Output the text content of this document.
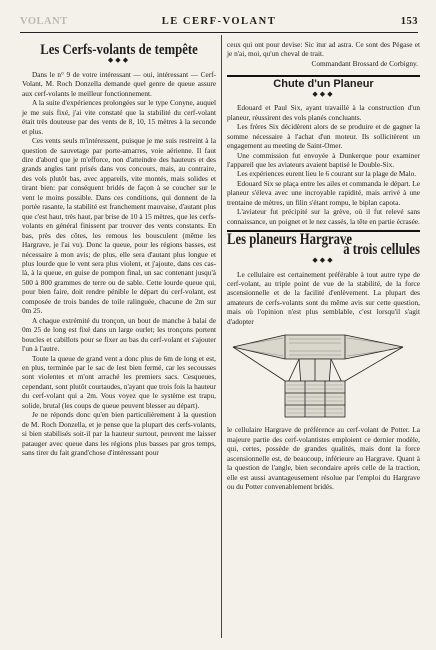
VOLANT	LE CERF-VOLANT	153
Les Cerfs-volants de tempête
◆◆◆

Dans le n° 9 de votre intéressant — oui, intéressant — Cerf-Volant, M. Roch Donzella demande quel genre de queue assure aux cerf-volants le meilleur fonctionnement.

A la suite d'expériences prolongées sur le type Conyne, auquel je me suis fixé, j'ai vite constaté que la stabilité du cerf-volant était très douteuse par des vents de 8, 10, 15 mètres à la seconde et plus.

Ces vents seuls m'intéressent, puisque je me suis restreint à la question de sauvetage par porte-amarres, voie aérienne. Il faut dire d'abord que je m'efforce, non d'atteindre des hauteurs et des grands angles tant prisés dans vos concours, mais, au contraire, des vols plutôt bas, avec appareils, vite montés, mais solides et tirant bien: par conséquent bridés de façon à se coucher sur le vent le moins possible. Dans ces conditions, qui donnent de la portée rasante, la stabilité est franchement mauvaise, d'autant plus que c'est haut, très haut, par brise de 10 à 15 mètres, que les cerfs-volants en général finissent par trouver des vents constants. En bas, près des côtes, les remous les bousculent (même les Hargrave, je l'ai vu). Donc la queue, pour les régions basses, est nécessaire à mon avis; de plus, elle sera d'autant plus longue et plus lourde que le vent sera plus violent, et j'ajoute, dans ces cas-là, à la queue, en guise de pompon final, un sac contenant jusqu'à 500 à 800 grammes de terre ou de sable. Cette lourde queue qui, pour bien faire, doit rendre pénible le départ du cerf-volant, est composée de trois bandes de toile ralinguée, chacune de 2m sur 0m 25.

A chaque extrémité du tronçon, un bout de manche à balai de 0m 25 de long est fixé dans un large ourlet; les tronçons portent boucles et cabillots pour se fixer au bas du cerf-volant et s'ajouter l'un à l'autre.

Toute la queue de grand vent a donc plus de 6m de long et est, en plus, terminée par le sac de lest bien fermé, car les secousses sont violentes et m'ont arraché les premiers sacs. Cesqueues, cependant, sont plutôt courtaudes, n'ayant que trois fois la hauteur du cerf-volant qui a 2m. Vous voyez que le système est trapu, solide, brutal (les coups de queue peuvent blesser au départ).

Je ne réponds donc qu'en bien particulièrement à la question de M. Roch Donzella, et je pense que la plupart des cerfs-volants, si bien stabilisés soit-il par la hauteur surtout, peuvent me laisser patauger avec queue dans les régions plus basses par gros temps, sans tirer du fait grand'chose d'intéressant pour

ceux qui ont pour devise: Sic itur ad astra. Ce sont des Pégase et je n'ai, moi, qu'un cheval de trait.

Commandant Brossard de Corbigny.
Chute d'un Planeur
◆◆◆

Edouard et Paul Six, ayant travaillé à la construction d'un planeur, réussirent des vols planés concluants.

Les frères Six décidèrent alors de se produire et de gagner la somme nécessaire à l'achat d'un moteur. Ils sollicitèrent un engagement au meeting de Saint-Omer.

Une commission fut envoyée à Dunkerque pour examiner l'appareil que les aviateurs avaient baptisé le Double-Six.

Les expériences eurent lieu le 6 courant sur la plage de Malo.

Edouard Six se plaça entre les ailes et commanda le départ. Le planeur s'éleva avec une incroyable rapidité, mais arrivé à une trentaine de mètres, un filin s'étant rompu, le biplan capota.

L'aviateur fut précipité sur la grève, où il fut relevé sans connaissance, un poignet et le nez cassés, la tête en partie écrasée.

Les planeurs Hargrave
à trois cellules
◆◆◆

Le cellulaire est certainement préférable à tout autre type de cerf-volant, au triple point de vue de la stabilité, de la force ascensionnelle et de la facilité d'enlèvement. La plupart des amateurs de cerfs-volants sont du même avis sur cette question, mais où l'opinion n'est plus semblable, c'est lorsqu'il s'agit d'adopter

le cellulaire Hargrave de préférence au cerf-volant de Potter. La majeure partie des cerf-volantistes emploient ce dernier modèle, qui, certes, possède de grandes qualités, mais dont la force ascensionnelle est, de beaucoup, inférieure au Hargrave. Quant à la question de l'angle, bien secondaire après celle de la traction, elle est aussi avantageusement résolue par l'emploi du Hargrave ou du Potter convenablement bridés.
